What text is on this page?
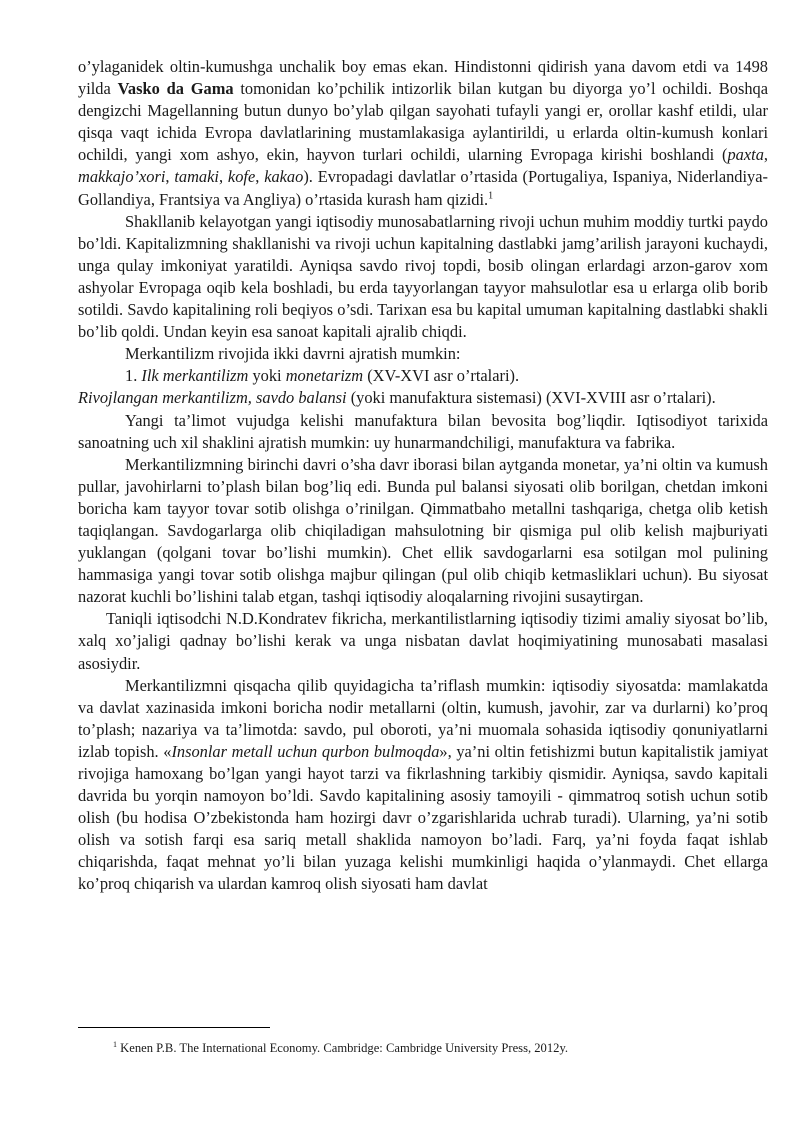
o’ylaganidek oltin-kumushga unchalik boy emas ekan. Hindistonni qidirish yana davom etdi va 1498 yilda Vasko da Gama tomonidan ko’pchilik intizorlik bilan kutgan bu diyorga yo’l ochildi. Boshqa dengizchi Magellanning butun dunyo bo’ylab qilgan sayohati tufayli yangi er, orollar kashf etildi, ular qisqa vaqt ichida Evropa davlatlarining mustamlakasiga aylantirildi, u erlarda oltin-kumush konlari ochildi, yangi xom ashyo, ekin, hayvon turlari ochildi, ularning Evropaga kirishi boshlandi (paxta, makkajo’xori, tamaki, kofe, kakao). Evropadagi davlatlar o’rtasida (Portugaliya, Ispaniya, Niderlandiya-Gollandiya, Frantsiya va Angliya) o’rtasida kurash ham qizidi.$^1$

Shakllanib kelayotgan yangi iqtisodiy munosabatlarning rivoji uchun muhim moddiy turtki paydo bo’ldi. Kapitalizmning shakllanishi va rivoji uchun kapitalning dastlabki jamg’arilish jarayoni kuchaydi, unga qulay imkoniyat yaratildi. Ayniqsa savdo rivoj topdi, bosib olingan erlardagi arzon-garov xom ashyolar Evropaga oqib kela boshladi, bu erda tayyorlangan tayyor mahsulotlar esa u erlarga olib borib sotildi. Savdo kapitalining roli beqiyos o’sdi. Tarixan esa bu kapital umuman kapitalning dastlabki shakli bo’lib qoldi. Undan keyin esa sanoat kapitali ajralib chiqdi.

Merkantilizm rivojida ikki davrni ajratish mumkin:

1. Ilk merkantilizm yoki monetarizm (XV-XVI asr o’rtalari).

Rivojlangan merkantilizm, savdo balansi (yoki manufaktura sistemasi) (XVI-XVIII asr o’rtalari).

Yangi ta’limot vujudga kelishi manufaktura bilan bevosita bog’liqdir. Iqtisodiyot tarixida sanoatning uch xil shaklini ajratish mumkin: uy hunarmandchiligi, manufaktura va fabrika.

Merkantilizmning birinchi davri o’sha davr iborasi bilan aytganda monetar, ya’ni oltin va kumush pullar, javohirlarni to’plash bilan bog’liq edi. Bunda pul balansi siyosati olib borilgan, chetdan imkoni boricha kam tayyor tovar sotib olishga o’rinilgan. Qimmatbaho metallni tashqariga, chetga olib ketish taqiqlangan. Savdogarlarga olib chiqiladigan mahsulotning bir qismiga pul olib kelish majburiyati yuklangan (qolgani tovar bo’lishi mumkin). Chet ellik savdogarlarni esa sotilgan mol pulining hammasiga yangi tovar sotib olishga majbur qilingan (pul olib chiqib ketmasliklari uchun). Bu siyosat nazorat kuchli bo’lishini talab etgan, tashqi iqtisodiy aloqalarning rivojini susaytirgan.

Taniqli iqtisodchi N.D.Kondratev fikricha, merkantilistlarning iqtisodiy tizimi amaliy siyosat bo’lib, xalq xo’jaligi qadnay bo’lishi kerak va unga nisbatan davlat hoqimiyatining munosabati masalasi asosiydir.

Merkantilizmni qisqacha qilib quyidagicha ta’riflash mumkin: iqtisodiy siyosatda: mamlakatda va davlat xazinasida imkoni boricha nodir metallarni (oltin, kumush, javohir, zar va durlarni) ko’proq to’plash; nazariya va ta’limotda: savdo, pul oboroti, ya’ni muomala sohasida iqtisodiy qonuniyatlarni izlab topish. «Insonlar metall uchun qurbon bulmoqda», ya’ni oltin fetishizmi butun kapitalistik jamiyat rivojiga hamoxang bo’lgan yangi hayot tarzi va fikrlashning tarkibiy qismidir. Ayniqsa, savdo kapitali davrida bu yorqin namoyon bo’ldi. Savdo kapitalining asosiy tamoyili - qimmatroq sotish uchun sotib olish (bu hodisa O’zbekistonda ham hozirgi davr o’zgarishlarida uchrab turadi). Ularning, ya’ni sotib olish va sotish farqi esa sariq metall shaklida namoyon bo’ladi. Farq, ya’ni foyda faqat ishlab chiqarishda, faqat mehnat yo’li bilan yuzaga kelishi mumkinligi haqida o’ylanmaydi. Chet ellarga ko’proq chiqarish va ulardan kamroq olish siyosati ham davlat

$^1$ Kenen P.B. The International Economy. Cambridge: Cambridge University Press, 2012y.
